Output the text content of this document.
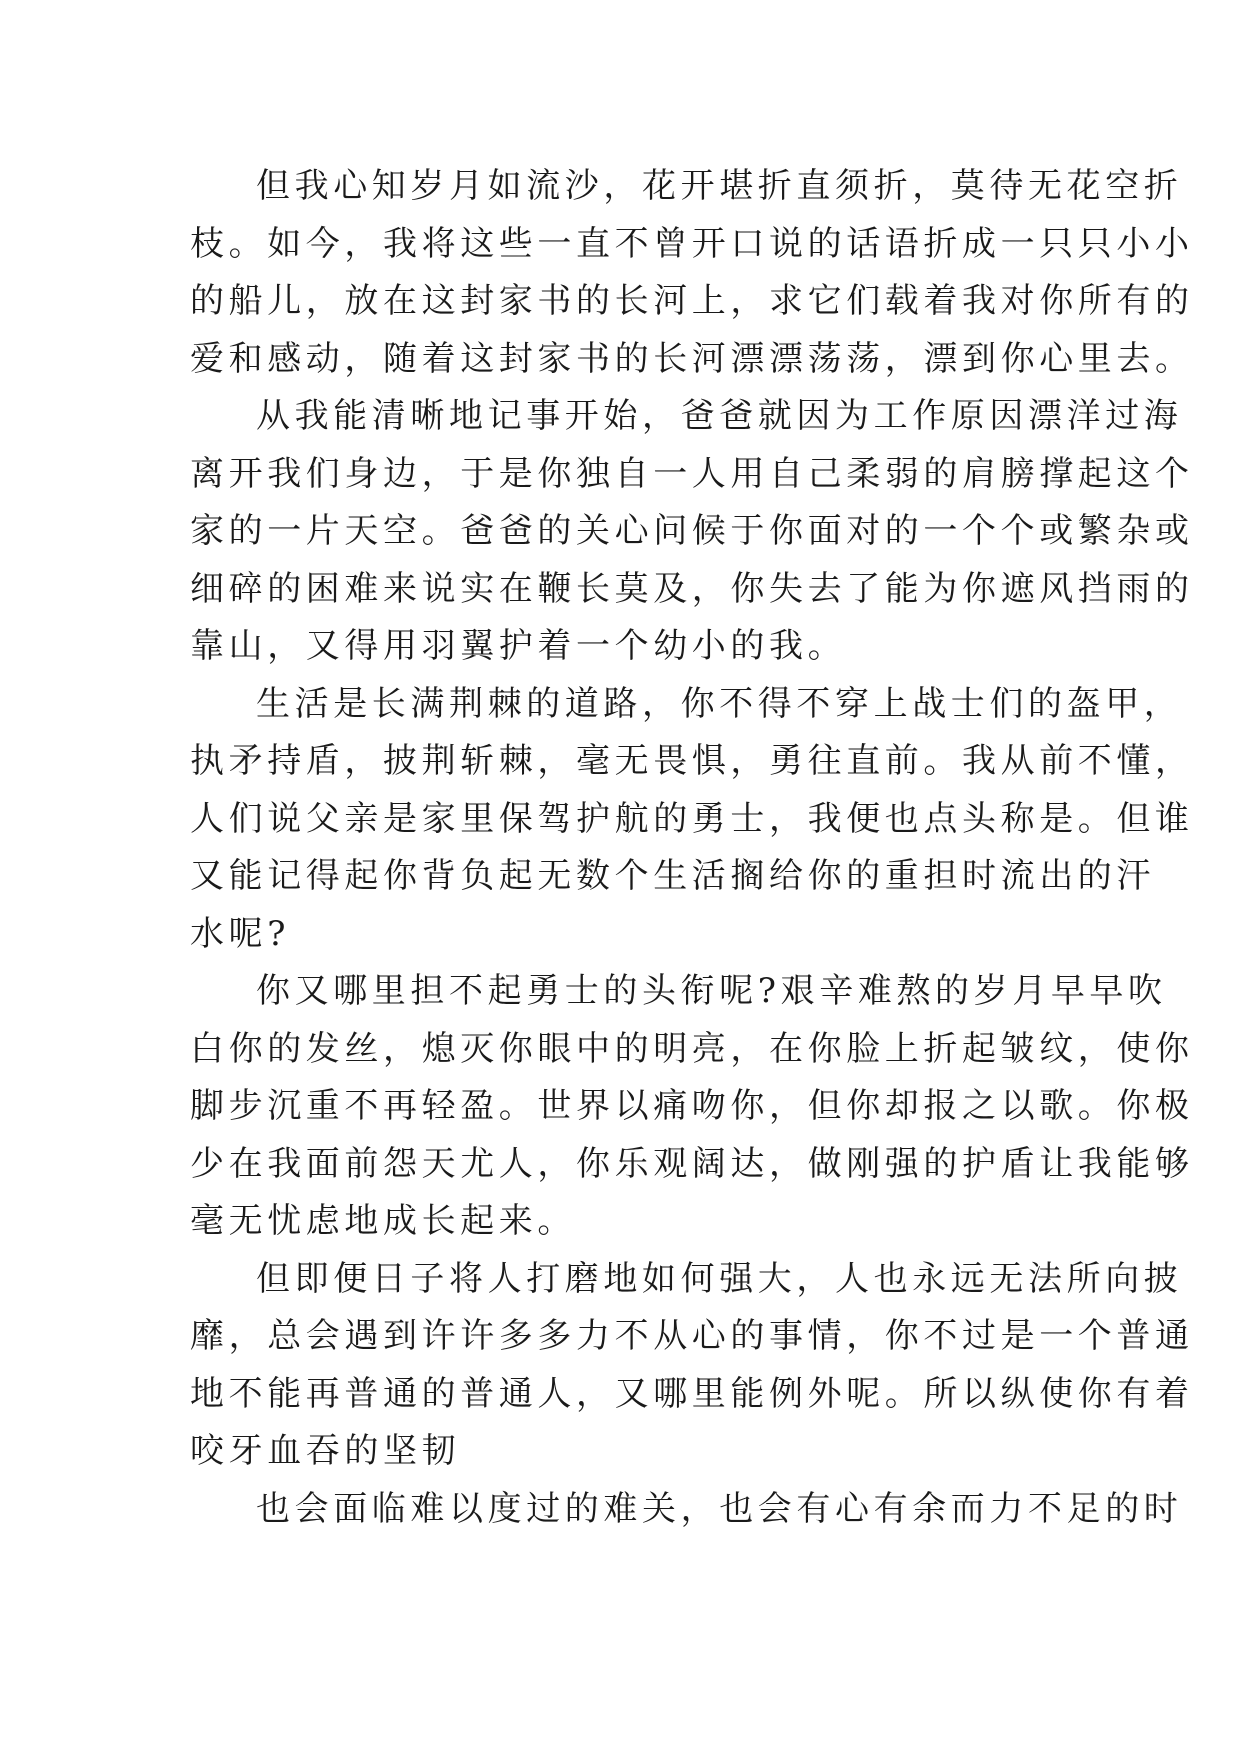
但我心知岁月如流沙，花开堪折直须折，莫待无花空折
枝。如今，我将这些一直不曾开口说的话语折成一只只小小
的船儿，放在这封家书的长河上，求它们载着我对你所有的
爱和感动，随着这封家书的长河漂漂荡荡，漂到你心里去。
从我能清晰地记事开始，爸爸就因为工作原因漂洋过海
离开我们身边，于是你独自一人用自己柔弱的肩膀撑起这个
家的一片天空。爸爸的关心问候于你面对的一个个或繁杂或
细碎的困难来说实在鞭长莫及，你失去了能为你遮风挡雨的
靠山，又得用羽翼护着一个幼小的我。
生活是长满荆棘的道路，你不得不穿上战士们的盔甲，
执矛持盾，披荆斩棘，毫无畏惧，勇往直前。我从前不懂，
人们说父亲是家里保驾护航的勇士，我便也点头称是。但谁
又能记得起你背负起无数个生活搁给你的重担时流出的汗
水呢?
你又哪里担不起勇士的头衔呢?艰辛难熬的岁月早早吹
白你的发丝，熄灭你眼中的明亮，在你脸上折起皱纹，使你
脚步沉重不再轻盈。世界以痛吻你，但你却报之以歌。你极
少在我面前怨天尤人，你乐观阔达，做刚强的护盾让我能够
毫无忧虑地成长起来。
但即便日子将人打磨地如何强大，人也永远无法所向披
靡，总会遇到许许多多力不从心的事情，你不过是一个普通
地不能再普通的普通人，又哪里能例外呢。所以纵使你有着
咬牙血吞的坚韧
也会面临难以度过的难关，也会有心有余而力不足的时
